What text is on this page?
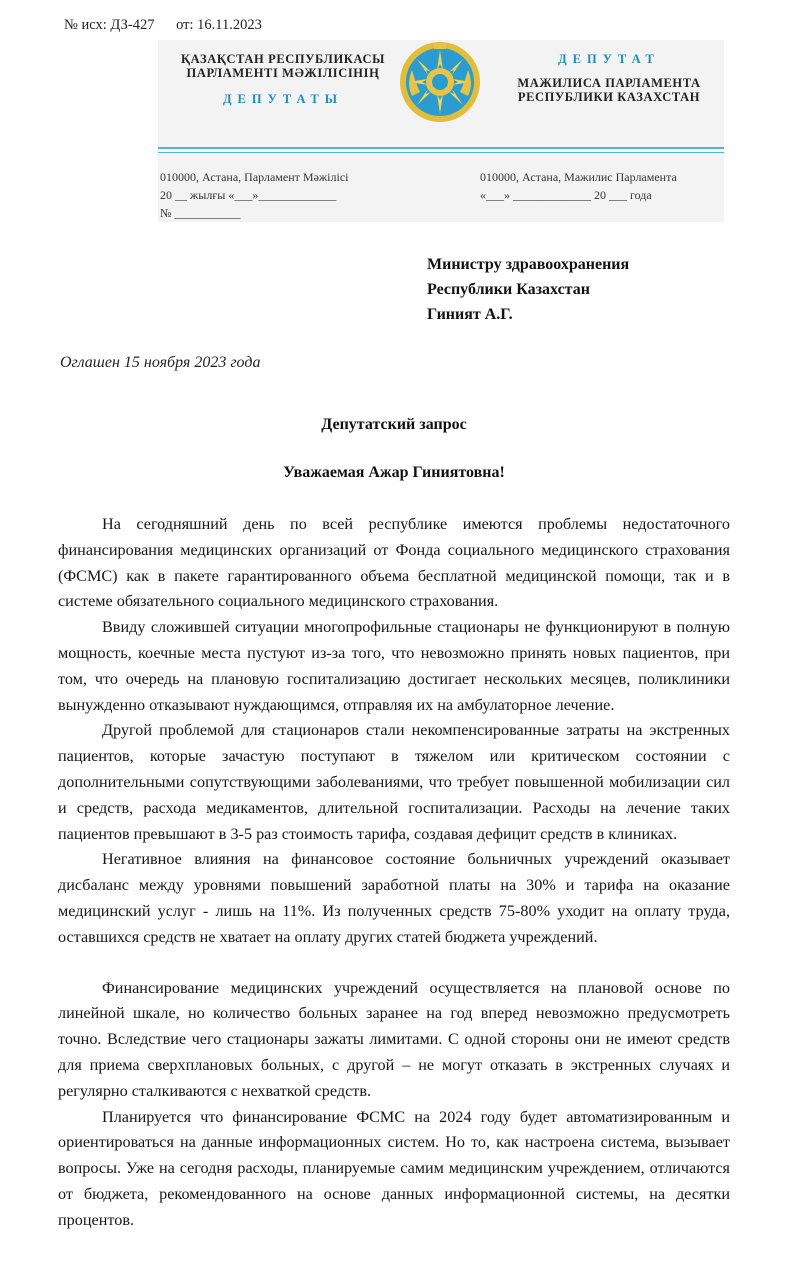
№ исх: ДЗ-427 от: 16.11.2023
ҚАЗАҚСТАН РЕСПУБЛИКАСЫ
ПАРЛАМЕНТІ МӘЖІЛІСІНІҢ
ДЕПУТАТЫ
ДЕПУТАТ
МАЖИЛИСА ПАРЛАМЕНТА
РЕСПУБЛИКИ КАЗАХСТАН
010000, Астана, Парламент Мәжілісі
20 __ жылғы «___»_____________
№ ___________
010000, Астана, Мажилис Парламента
«___» _____________ 20 ___ года
Министру здравоохранения
Республики Казахстан
Гиният А.Г.
Оглашен 15 ноября 2023 года
Депутатский запрос
Уважаемая Ажар Гиниятовна!

На сегодняшний день по всей республике имеются проблемы недостаточного финансирования медицинских организаций от Фонда социального медицинского страхования (ФСМС) как в пакете гарантированного объема бесплатной медицинской помощи, так и в системе обязательного социального медицинского страхования.

Ввиду сложившей ситуации многопрофильные стационары не функционируют в полную мощность, коечные места пустуют из-за того, что невозможно принять новых пациентов, при том, что очередь на плановую госпитализацию достигает нескольких месяцев, поликлиники вынужденно отказывают нуждающимся, отправляя их на амбулаторное лечение.

Другой проблемой для стационаров стали некомпенсированные затраты на экстренных пациентов, которые зачастую поступают в тяжелом или критическом состоянии с дополнительными сопутствующими заболеваниями, что требует повышенной мобилизации сил и средств, расхода медикаментов, длительной госпитализации. Расходы на лечение таких пациентов превышают в 3-5 раз стоимость тарифа, создавая дефицит средств в клиниках.

Негативное влияния на финансовое состояние больничных учреждений оказывает дисбаланс между уровнями повышений заработной платы на 30% и тарифа на оказание медицинский услуг - лишь на 11%. Из полученных средств 75-80% уходит на оплату труда, оставшихся средств не хватает на оплату других статей бюджета учреждений.

Финансирование медицинских учреждений осуществляется на плановой основе по линейной шкале, но количество больных заранее на год вперед невозможно предусмотреть точно. Вследствие чего стационары зажаты лимитами. С одной стороны они не имеют средств для приема сверхплановых больных, с другой – не могут отказать в экстренных случаях и регулярно сталкиваются с нехваткой средств.

Планируется что финансирование ФСМС на 2024 году будет автоматизированным и ориентироваться на данные информационных систем. Но то, как настроена система, вызывает вопросы. Уже на сегодня расходы, планируемые самим медицинским учреждением, отличаются от бюджета, рекомендованного на основе данных информационной системы, на десятки процентов.
